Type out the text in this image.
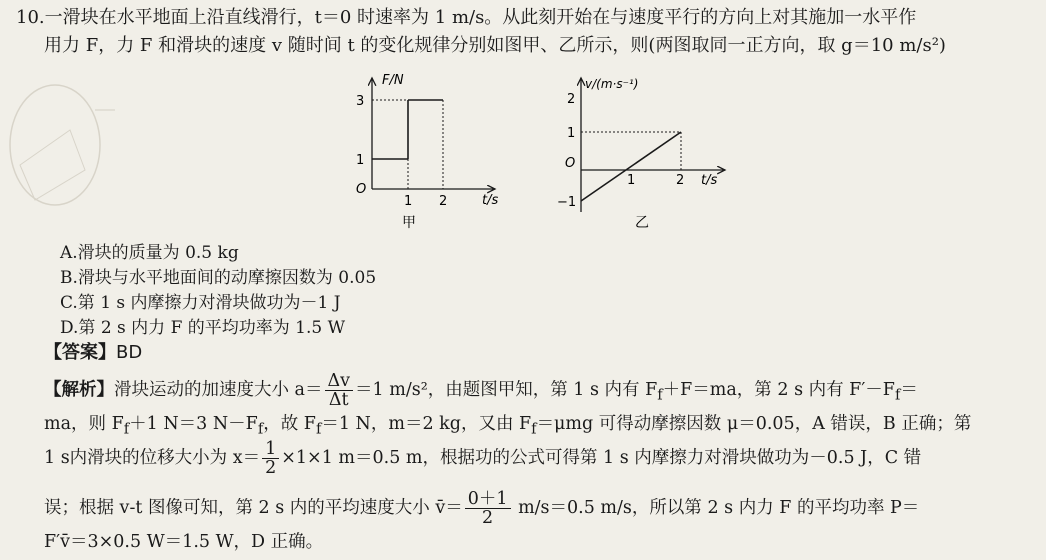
10.一滑块在水平地面上沿直线滑行，t＝0 时速率为 1 m/s。从此刻开始在与速度平行的方向上对其施加一水平作
用力 F，力 F 和滑块的速度 v 随时间 t 的变化规律分别如图甲、乙所示，则(两图取同一正方向，取 g＝10 m/s²)
F/N
3
1
O
1 2	t/s
甲
v/(m·s⁻¹)
2
1
−1
O
1	2 t/s
乙
A.滑块的质量为 0.5 kg
B.滑块与水平地面间的动摩擦因数为 0.05
C.第 1 s 内摩擦力对滑块做功为－1 J
D.第 2 s 内力 F 的平均功率为 1.5 W
【答案】BD
【解析】滑块运动的加速度大小 $a= \frac{\Delta v}{\Delta t} =1$ m/s²，由题图甲知，第 1 s 内有 $F_f+F=ma$，第 2 s 内有 $F'-F_f=$
ma，则 $F_f+1$ N＝3 $N-F_f$，故 $F_f=1$ N，m＝2 kg，又由 $F_f=\mu mg$ 可得动摩擦因数 μ＝0.05，A 错误，B 正确；第
1 s内滑块的位移大小为 $x= \frac{1}{2} \times 1\times 1$ m＝0.5 m，根据功的公式可得第 1 s 内摩擦力对滑块做功为－0.5 J，C 错
误；根据 v-t 图像可知，第 2 s 内的平均速度大小 v̄＝ $\frac{0+1}{2} m/s=0.5$ m/s，所以第 2 s 内力 F 的平均功率 P＝
F′v̄＝3×0.5 W＝1.5 W，D 正确。
